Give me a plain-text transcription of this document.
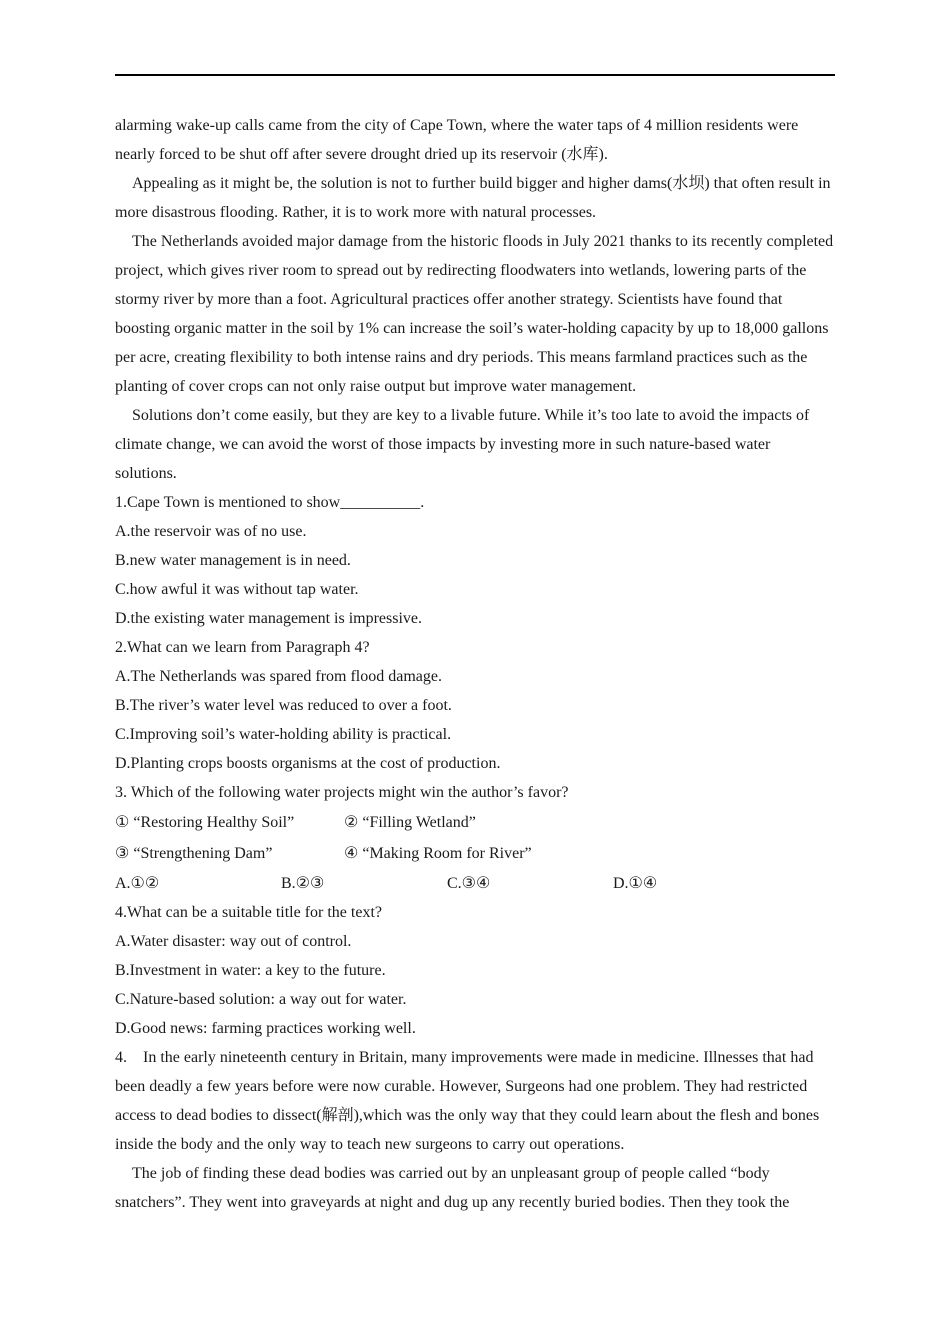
alarming wake-up calls came from the city of Cape Town, where the water taps of 4 million residents were nearly forced to be shut off after severe drought dried up its reservoir (水库).

Appealing as it might be, the solution is not to further build bigger and higher dams(水坝) that often result in more disastrous flooding. Rather, it is to work more with natural processes.

The Netherlands avoided major damage from the historic floods in July 2021 thanks to its recently completed project, which gives river room to spread out by redirecting floodwaters into wetlands, lowering parts of the stormy river by more than a foot. Agricultural practices offer another strategy. Scientists have found that boosting organic matter in the soil by 1% can increase the soil’s water-holding capacity by up to 18,000 gallons per acre, creating flexibility to both intense rains and dry periods. This means farmland practices such as the planting of cover crops can not only raise output but improve water management.

Solutions don’t come easily, but they are key to a livable future. While it’s too late to avoid the impacts of climate change, we can avoid the worst of those impacts by investing more in such nature-based water solutions.

1.Cape Town is mentioned to show__________.

A.the reservoir was of no use.

B.new water management is in need.

C.how awful it was without tap water.

D.the existing water management is impressive.

2.What can we learn from Paragraph 4?

A.The Netherlands was spared from flood damage.

B.The river’s water level was reduced to over a foot.

C.Improving soil’s water-holding ability is practical.

D.Planting crops boosts organisms at the cost of production.

3. Which of the following water projects might win the author’s favor?

① “Restoring Healthy Soil”	② “Filling Wetland”
③ “Strengthening Dam”	④ “Making Room for River”
A.①②	B.②③	C.③④	D.①④

4.What can be a suitable title for the text?

A.Water disaster: way out of control.

B.Investment in water: a key to the future.

C.Nature-based solution: a way out for water.

D.Good news: farming practices working well.

4.    In the early nineteenth century in Britain, many improvements were made in medicine. Illnesses that had been deadly a few years before were now curable. However, Surgeons had one problem. They had restricted access to dead bodies to dissect(解剖),which was the only way that they could learn about the flesh and bones inside the body and the only way to teach new surgeons to carry out operations.

The job of finding these dead bodies was carried out by an unpleasant group of people called “body snatchers”. They went into graveyards at night and dug up any recently buried bodies. Then they took the
